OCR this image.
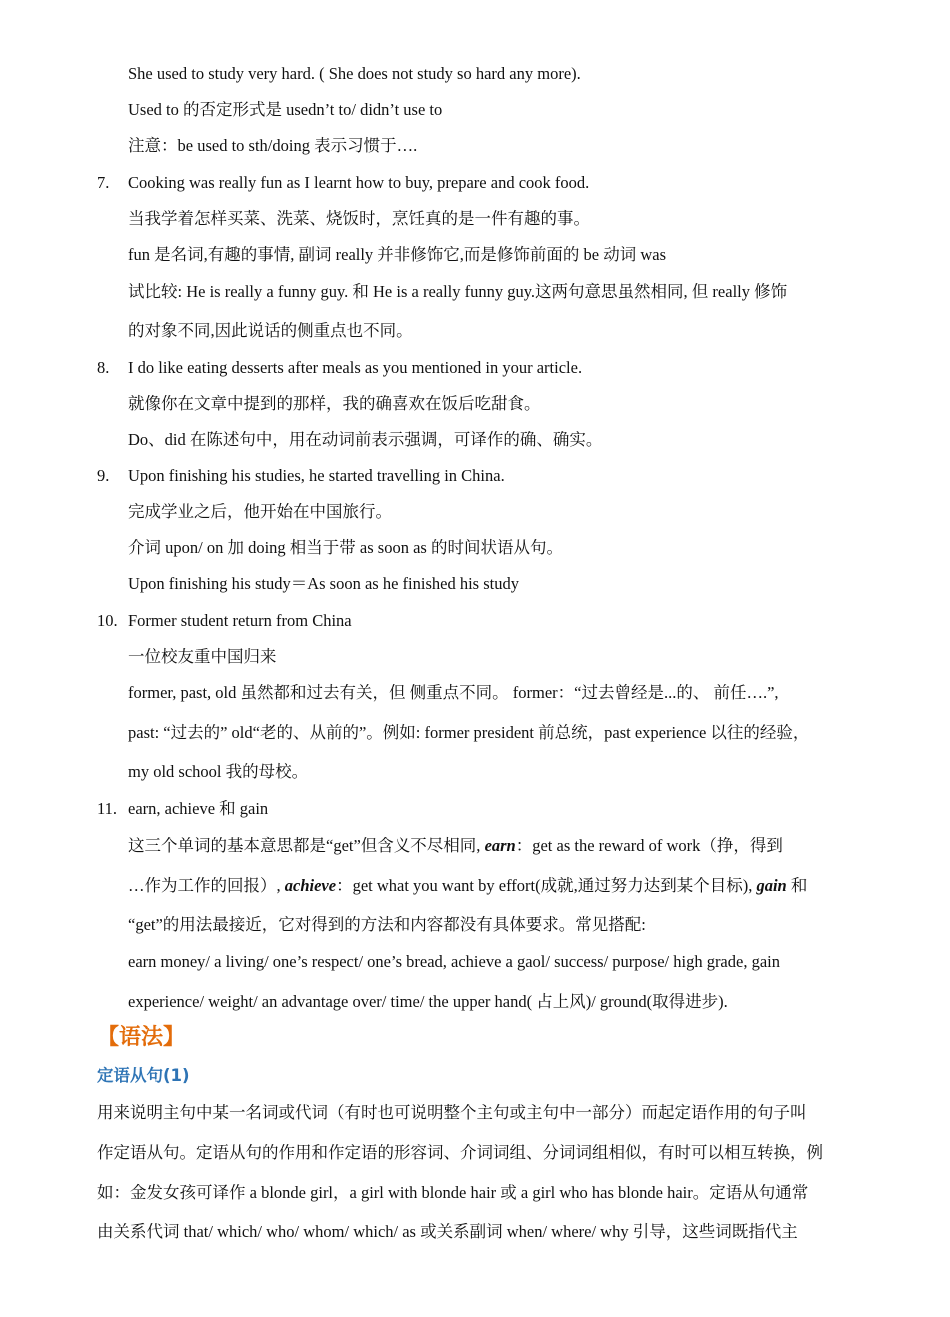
She used to study very hard. ( She does not study so hard any more).
Used to 的否定形式是 usedn’t to/ didn’t use to
注意：be used to sth/doing 表示习惯于….
7. Cooking was really fun as I learnt how to buy, prepare and cook food.
当我学着怎样买菜、洗菜、烧饭时，烹饪真的是一件有趣的事。
fun 是名词,有趣的事情, 副词 really 并非修饰它,而是修饰前面的 be 动词 was
试比较: He is really a funny guy. 和 He is a really funny guy.这两句意思虽然相同, 但 really 修饰
的对象不同,因此说话的侧重点也不同。
8. I do like eating desserts after meals as you mentioned in your article.
就像你在文章中提到的那样，我的确喜欢在饭后吃甜食。
Do、did 在陈述句中，用在动词前表示强调，可译作的确、确实。
9. Upon finishing his studies, he started travelling in China.
完成学业之后，他开始在中国旅行。
介词 upon/ on 加 doing 相当于带 as soon as 的时间状语从句。
Upon finishing his study＝As soon as he finished his study
10. Former student return from China
一位校友重中国归来
former, past, old 虽然都和过去有关，但 侧重点不同。 former：“过去曾经是...的、 前任….”,
past: “过去的” old“老的、从前的”。例如: former president 前总统，past experience 以往的经验，
my old school 我的母校。
11. earn, achieve 和 gain
这三个单词的基本意思都是“get”但含义不尽相同, earn：get as the reward of work（挣，得到
…作为工作的回报）, achieve：get what you want by effort(成就,通过努力达到某个目标), gain 和
“get”的用法最接近，它对得到的方法和内容都没有具体要求。常见搭配:
earn money/ a living/ one’s respect/ one’s bread, achieve a gaol/ success/ purpose/ high grade, gain
experience/ weight/ an advantage over/ time/ the upper hand( 占上风)/ ground(取得进步).
【语法】
定语从句(1)
用来说明主句中某一名词或代词（有时也可说明整个主句或主句中一部分）而起定语作用的句子叫
作定语从句。定语从句的作用和作定语的形容词、介词词组、分词词组相似，有时可以相互转换，例
如：金发女孩可译作 a blonde girl，a girl with blonde hair 或 a girl who has blonde hair。定语从句通常
由关系代词 that/ which/ who/ whom/ which/ as 或关系副词 when/ where/ why 引导，这些词既指代主
